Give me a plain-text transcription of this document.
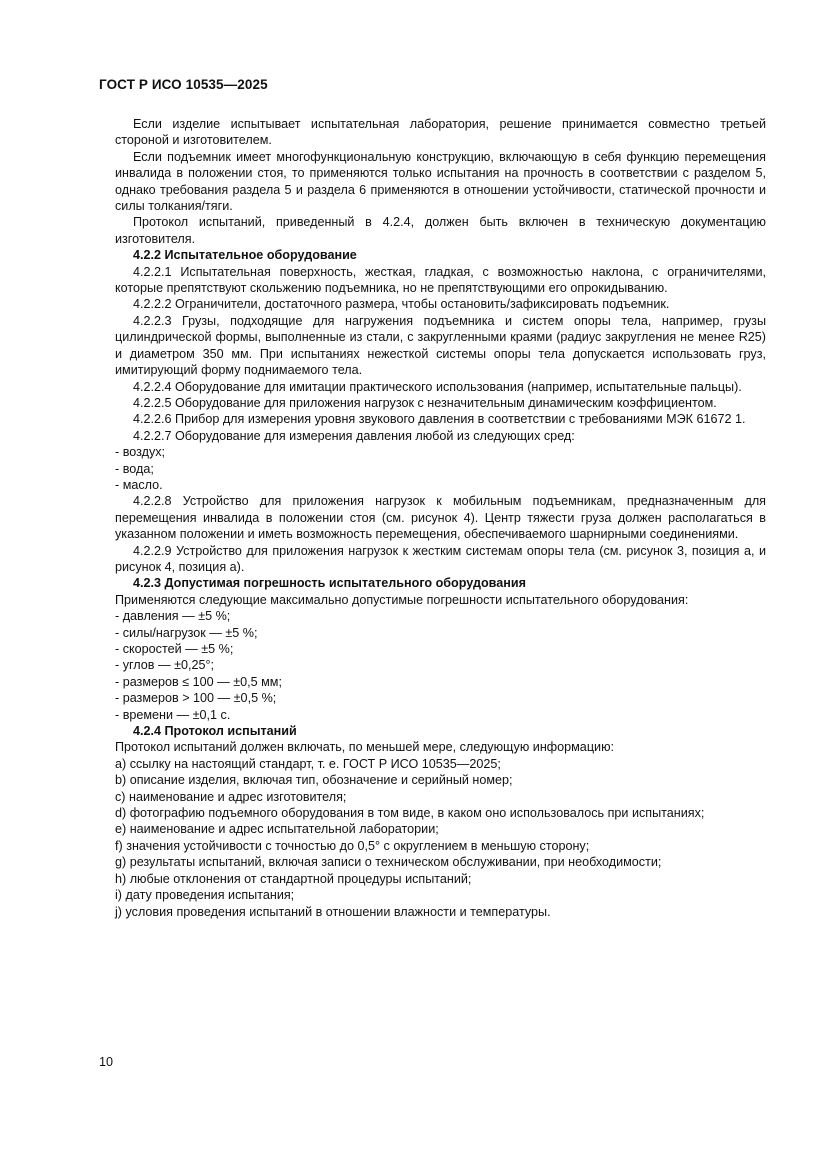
ГОСТ Р ИСО 10535—2025

Если изделие испытывает испытательная лаборатория, решение принимается совместно третьей стороной и изготовителем.

Если подъемник имеет многофункциональную конструкцию, включающую в себя функцию перемещения инвалида в положении стоя, то применяются только испытания на прочность в соответствии с разделом 5, однако требования раздела 5 и раздела 6 применяются в отношении устойчивости, статической прочности и силы толкания/тяги.

Протокол испытаний, приведенный в 4.2.4, должен быть включен в техническую документацию изготовителя.

4.2.2 Испытательное оборудование

4.2.2.1 Испытательная поверхность, жесткая, гладкая, с возможностью наклона, с ограничителями, которые препятствуют скольжению подъемника, но не препятствующими его опрокидыванию.

4.2.2.2 Ограничители, достаточного размера, чтобы остановить/зафиксировать подъемник.

4.2.2.3 Грузы, подходящие для нагружения подъемника и систем опоры тела, например, грузы цилиндрической формы, выполненные из стали, с закругленными краями (радиус закругления не менее R25) и диаметром 350 мм. При испытаниях нежесткой системы опоры тела допускается использовать груз, имитирующий форму поднимаемого тела.

4.2.2.4 Оборудование для имитации практического использования (например, испытательные пальцы).

4.2.2.5 Оборудование для приложения нагрузок с незначительным динамическим коэффициентом.

4.2.2.6 Прибор для измерения уровня звукового давления в соответствии с требованиями МЭК 61672 1.

4.2.2.7 Оборудование для измерения давления любой из следующих сред:

- воздух;

- вода;

- масло.

4.2.2.8 Устройство для приложения нагрузок к мобильным подъемникам, предназначенным для перемещения инвалида в положении стоя (см. рисунок 4). Центр тяжести груза должен располагаться в указанном положении и иметь возможность перемещения, обеспечиваемого шарнирными соединениями.

4.2.2.9 Устройство для приложения нагрузок к жестким системам опоры тела (см. рисунок 3, позиция а, и рисунок 4, позиция а).

4.2.3 Допустимая погрешность испытательного оборудования

Применяются следующие максимально допустимые погрешности испытательного оборудования:

- давления — ±5 %;

- силы/нагрузок — ±5 %;

- скоростей — ±5 %;

- углов — ±0,25°;

- размеров ≤ 100 — ±0,5 мм;

- размеров > 100 — ±0,5 %;

- времени — ±0,1 с.

4.2.4 Протокол испытаний

Протокол испытаний должен включать, по меньшей мере, следующую информацию:

a) ссылку на настоящий стандарт, т. е. ГОСТ Р ИСО 10535—2025;

b) описание изделия, включая тип, обозначение и серийный номер;

c) наименование и адрес изготовителя;

d) фотографию подъемного оборудования в том виде, в каком оно использовалось при испытаниях;

e) наименование и адрес испытательной лаборатории;

f) значения устойчивости с точностью до 0,5° с округлением в меньшую сторону;

g) результаты испытаний, включая записи о техническом обслуживании, при необходимости;

h) любые отклонения от стандартной процедуры испытаний;

i) дату проведения испытания;

j) условия проведения испытаний в отношении влажности и температуры.

10
